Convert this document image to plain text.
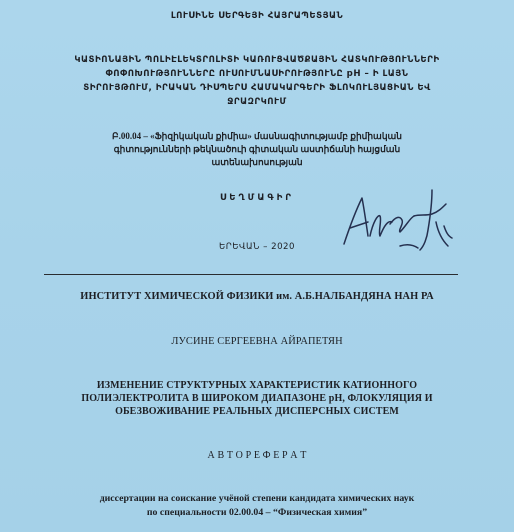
ԼՈՒՍԻՆԵ ՍԵՐԳԵՅԻ ՀԱՅՐԱՊԵՏՅԱՆ
ԿԱՏԻՈՆԱՅԻՆ ՊՈԼԻԷԼԵԿՏՐՈԼԻՏԻ ԿԱՌՈՒՑՎԱԾՔԱՅԻՆ ՀԱՏԿՈՒԹՅՈՒՆՆԵՐԻ
ՓՈՓՈԽՈՒԹՅՈՒՆՆԵՐԸ ՈՒՍՈՒՄՆԱՍԻՐՈՒԹՅՈՒՆԸ pH – Ի ԼԱՅՆ
ՏԻՐՈՒՅԹՈՒՄ, ԻՐԱԿԱՆ ԴԻՍՊԵՐՍ ՀԱՄԱԿԱՐԳԵՐԻ ՖԼՈԿՈՒԼՅԱՑԻԱՆ ԵՎ
ՋՐԱԶՐԿՈՒՄ
Բ.00.04 – «Ֆիզիկական քիմիա» մասնագիտությամբ քիմիական
գիտությունների թեկնածուի գիտական աստիճանի հայցման
ատենախոսության
ՍԵՂՄԱԳԻՐ
ԵՐԵՎԱՆ – 2020
ИНСТИТУТ ХИМИЧЕСКОЙ ФИЗИКИ им. А.Б.НАЛБАНДЯНА НАН РА
ЛУСИНЕ СЕРГЕЕВНА АЙРАПЕТЯН
ИЗМЕНЕНИЕ СТРУКТУРНЫХ ХАРАКТЕРИСТИК КАТИОННОГО
ПОЛИЭЛЕКТРОЛИТА В ШИРОКОМ ДИАПАЗОНЕ pH, ФЛОКУЛЯЦИЯ И
ОБЕЗВОЖИВАНИЕ РЕАЛЬНЫХ ДИСПЕРСНЫХ СИСТЕМ
А В Т О Р Е Ф Е Р А Т
диссертации на соискание учёной степени кандидата химических наук
по специальности 02.00.04 – “Физическая химия”
